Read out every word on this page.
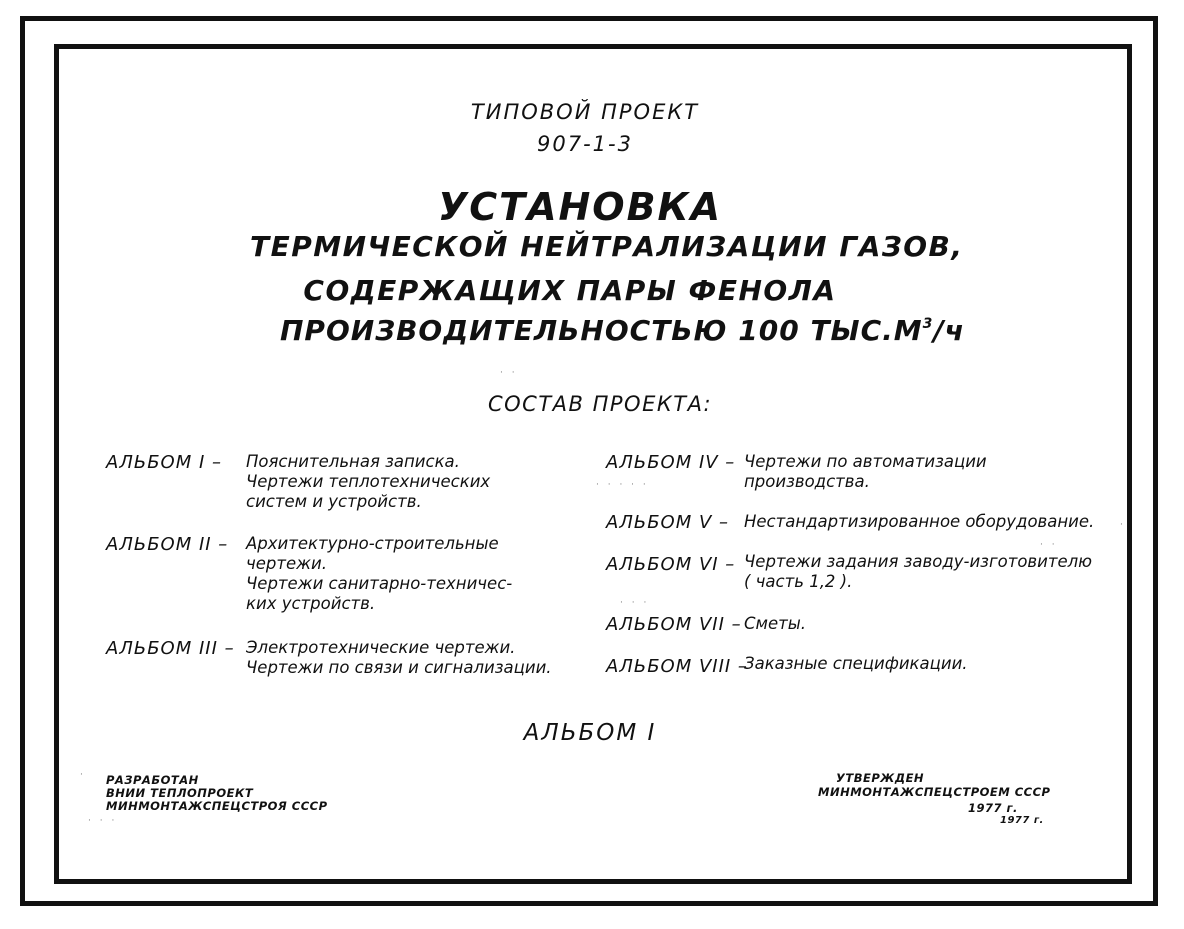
ТИПОВОЙ ПРОЕКТ
907-1-3
УСТАНОВКА
ТЕРМИЧЕСКОЙ НЕЙТРАЛИЗАЦИИ ГАЗОВ,
СОДЕРЖАЩИХ ПАРЫ ФЕНОЛА
ПРОИЗВОДИТЕЛЬНОСТЬЮ 100 $ТЫС.М^3/ч$
СОСТАВ ПРОЕКТА:
АЛЬБОМ I – Пояснительная записка.
Чертежи теплотехнических
систем и устройств.
АЛЬБОМ II – Архитектурно-строительные
чертежи.
Чертежи санитарно-техничес-
ких устройств.
АЛЬБОМ III – Электротехнические чертежи.
Чертежи по связи и сигнализации.
АЛЬБОМ IV – Чертежи по автоматизации
производства.
АЛЬБОМ V – Нестандартизированное оборудование.
АЛЬБОМ VI – Чертежи задания заводу-изготовителю
( часть 1,2 ).
АЛЬБОМ VII – Сметы.
АЛЬБОМ VIII –
Заказные спецификации.
АЛЬБОМ I
РАЗРАБОТАН
ВНИИ ТЕПЛОПРОЕКТ
МИНМОНТАЖСПЕЦСТРОЯ СССР
УТВЕРЖДЕН
МИНМОНТАЖСПЕЦСТРОЕМ СССР
1977 г.
1977 г.
·
· · ·
· · · · ·
· · ·
· ·
·
· ·
